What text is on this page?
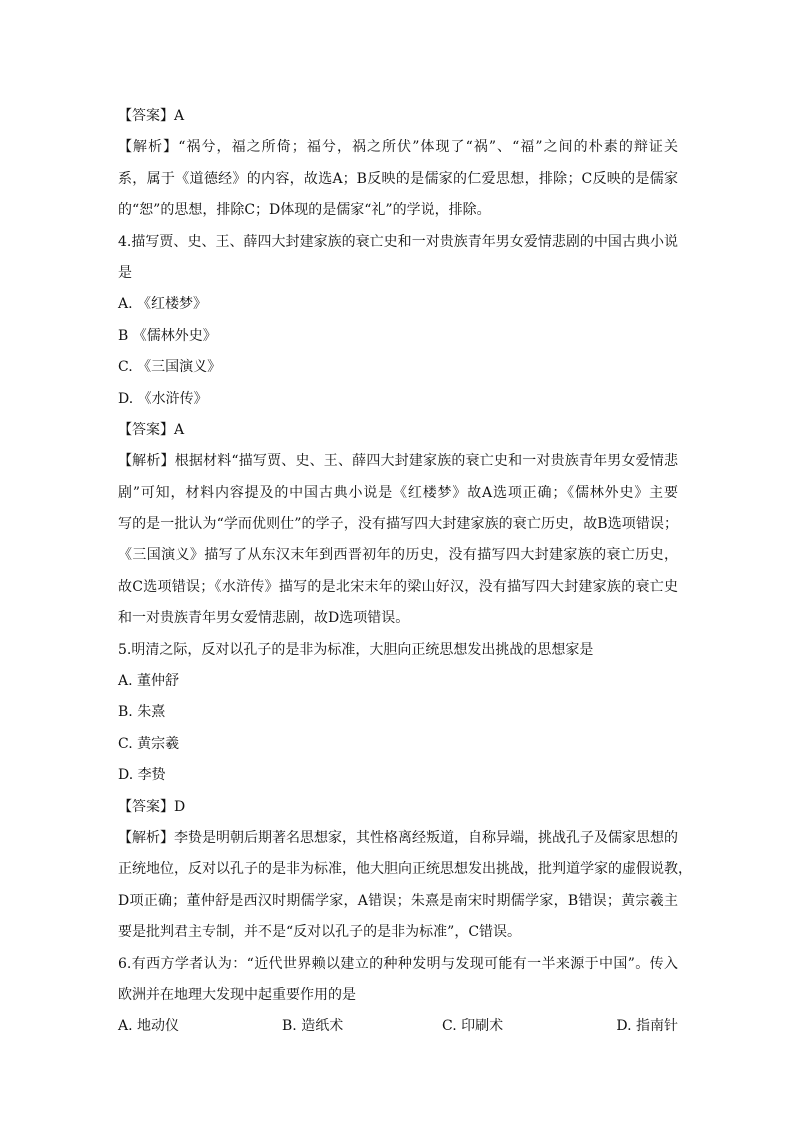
【答案】A
【解析】“祸兮，福之所倚；福兮，祸之所伏”体现了“祸”、“福”之间的朴素的辩证关
系，属于《道德经》的内容，故选A；B反映的是儒家的仁爱思想，排除；C反映的是儒家
的“恕”的思想，排除C；D体现的是儒家“礼”的学说，排除。
4.描写贾、史、王、薛四大封建家族的衰亡史和一对贵族青年男女爱情悲剧的中国古典小说
是
A. 《红楼梦》
B 《儒林外史》
C. 《三国演义》
D. 《水浒传》
【答案】A
【解析】根据材料“描写贾、史、王、薛四大封建家族的衰亡史和一对贵族青年男女爱情悲
剧”可知，材料内容提及的中国古典小说是《红楼梦》故A选项正确；《儒林外史》主要
写的是一批认为“学而优则仕”的学子，没有描写四大封建家族的衰亡历史，故B选项错误；
《三国演义》描写了从东汉末年到西晋初年的历史，没有描写四大封建家族的衰亡历史，
故C选项错误；《水浒传》描写的是北宋末年的梁山好汉，没有描写四大封建家族的衰亡史
和一对贵族青年男女爱情悲剧，故D选项错误。
5.明清之际，反对以孔子的是非为标准，大胆向正统思想发出挑战的思想家是
A. 董仲舒
B. 朱熹
C. 黄宗羲
D. 李贽
【答案】D
【解析】李贽是明朝后期著名思想家，其性格离经叛道，自称异端，挑战孔子及儒家思想的
正统地位，反对以孔子的是非为标准，他大胆向正统思想发出挑战，批判道学家的虚假说教，
D项正确；董仲舒是西汉时期儒学家，A错误；朱熹是南宋时期儒学家，B错误；黄宗羲主
要是批判君主专制，并不是“反对以孔子的是非为标准”，C错误。
6.有西方学者认为：“近代世界赖以建立的种种发明与发现可能有一半来源于中国”。传入
欧洲并在地理大发现中起重要作用的是
A. 地动仪	B. 造纸术	C. 印刷术	D. 指南针
